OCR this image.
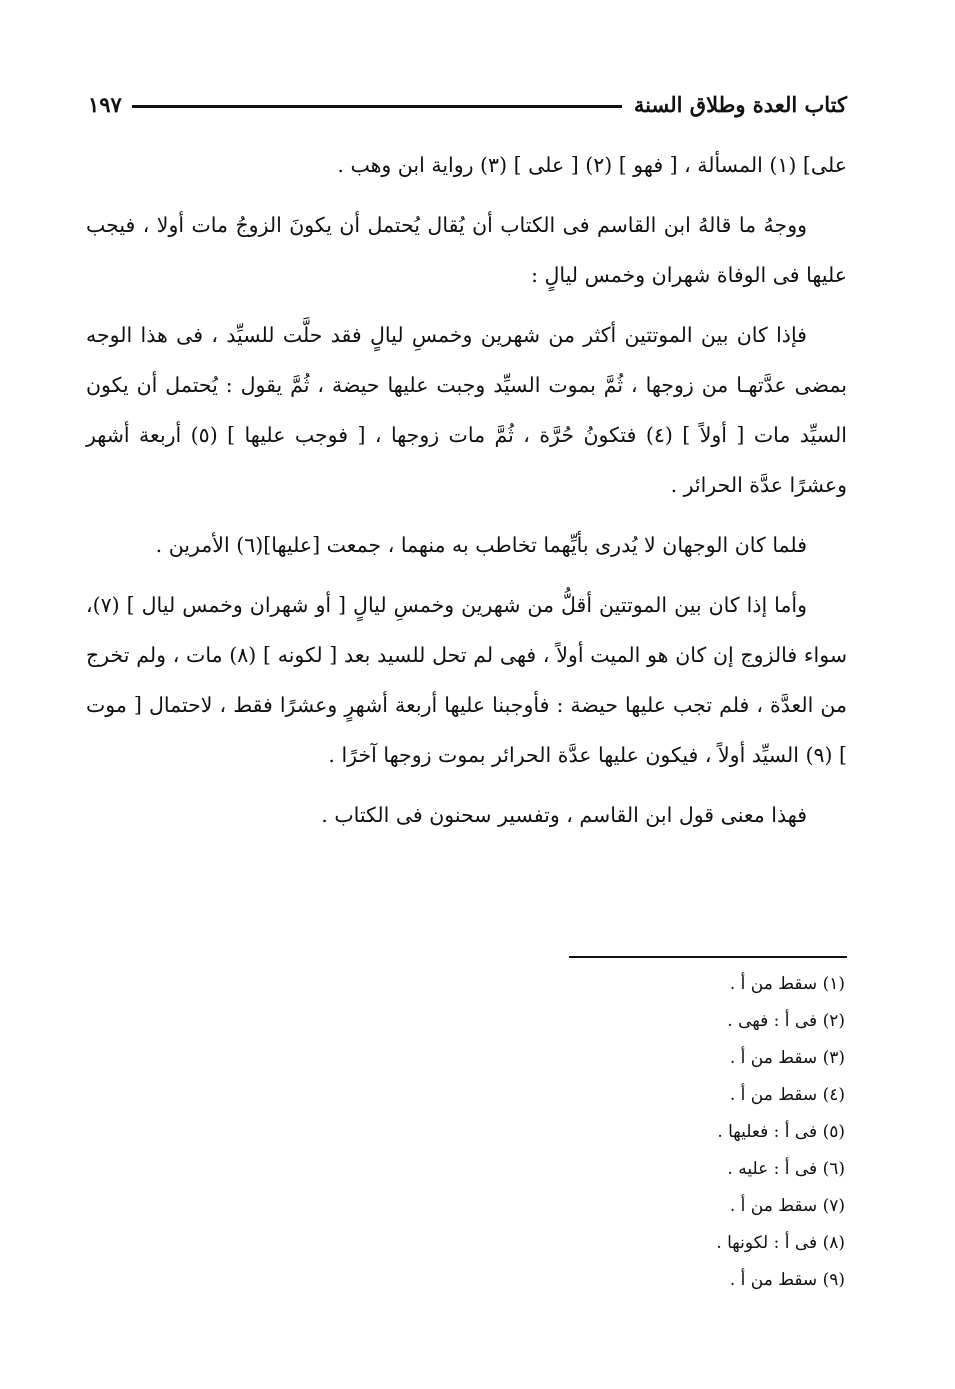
كتاب العدة وطلاق السنة
١٩٧

على] (١) المسألة ، [ فهو ] (٢) [ على ] (٣) رواية ابن وهب .

ووجهُ ما قالهُ ابن القاسم فى الكتاب أن يُقال يُحتمل أن يكونَ الزوجُ مات أولا ، فيجب عليها فى الوفاة شهران وخمس ليالٍ :

فإذا كان بين الموتتين أكثر من شهرين وخمسِ ليالٍ فقد حلَّت للسيِّد ، فى هذا الوجه بمضى عدَّتهـا من زوجها ، ثُمَّ بموت السيِّد وجبت عليها حيضة ، ثُمَّ يقول : يُحتمل أن يكون السيِّد مات [ أولاً ] (٤) فتكونُ حُرَّة ، ثُمَّ مات زوجها ، [ فوجب عليها ] (٥) أربعة أشهر وعشرًا عدَّة الحرائر .

فلما كان الوجهان لا يُدرى بأيِّهما تخاطب به منهما ، جمعت [عليها](٦) الأمرين .

وأما إذا كان بين الموتتين أقلُّ من شهرين وخمسِ ليالٍ [ أو شهران وخمس ليال ] (٧)، سواء فالزوج إن كان هو الميت أولاً ، فهى لم تحل للسيد بعد [ لكونه ] (٨) مات ، ولم تخرج من العدَّة ، فلم تجب عليها حيضة : فأوجبنا عليها أربعة أشهرٍ وعشرًا فقط ، لاحتمال [ موت ] (٩) السيِّد أولاً ، فيكون عليها عدَّة الحرائر بموت زوجها آخرًا .

فهذا معنى قول ابن القاسم ، وتفسير سحنون فى الكتاب .

(١) سقط من أ .
(٢) فى أ : فهى .
(٣) سقط من أ .
(٤) سقط من أ .
(٥) فى أ : فعليها .
(٦) فى أ : عليه .
(٧) سقط من أ .
(٨) فى أ : لكونها .
(٩) سقط من أ .
